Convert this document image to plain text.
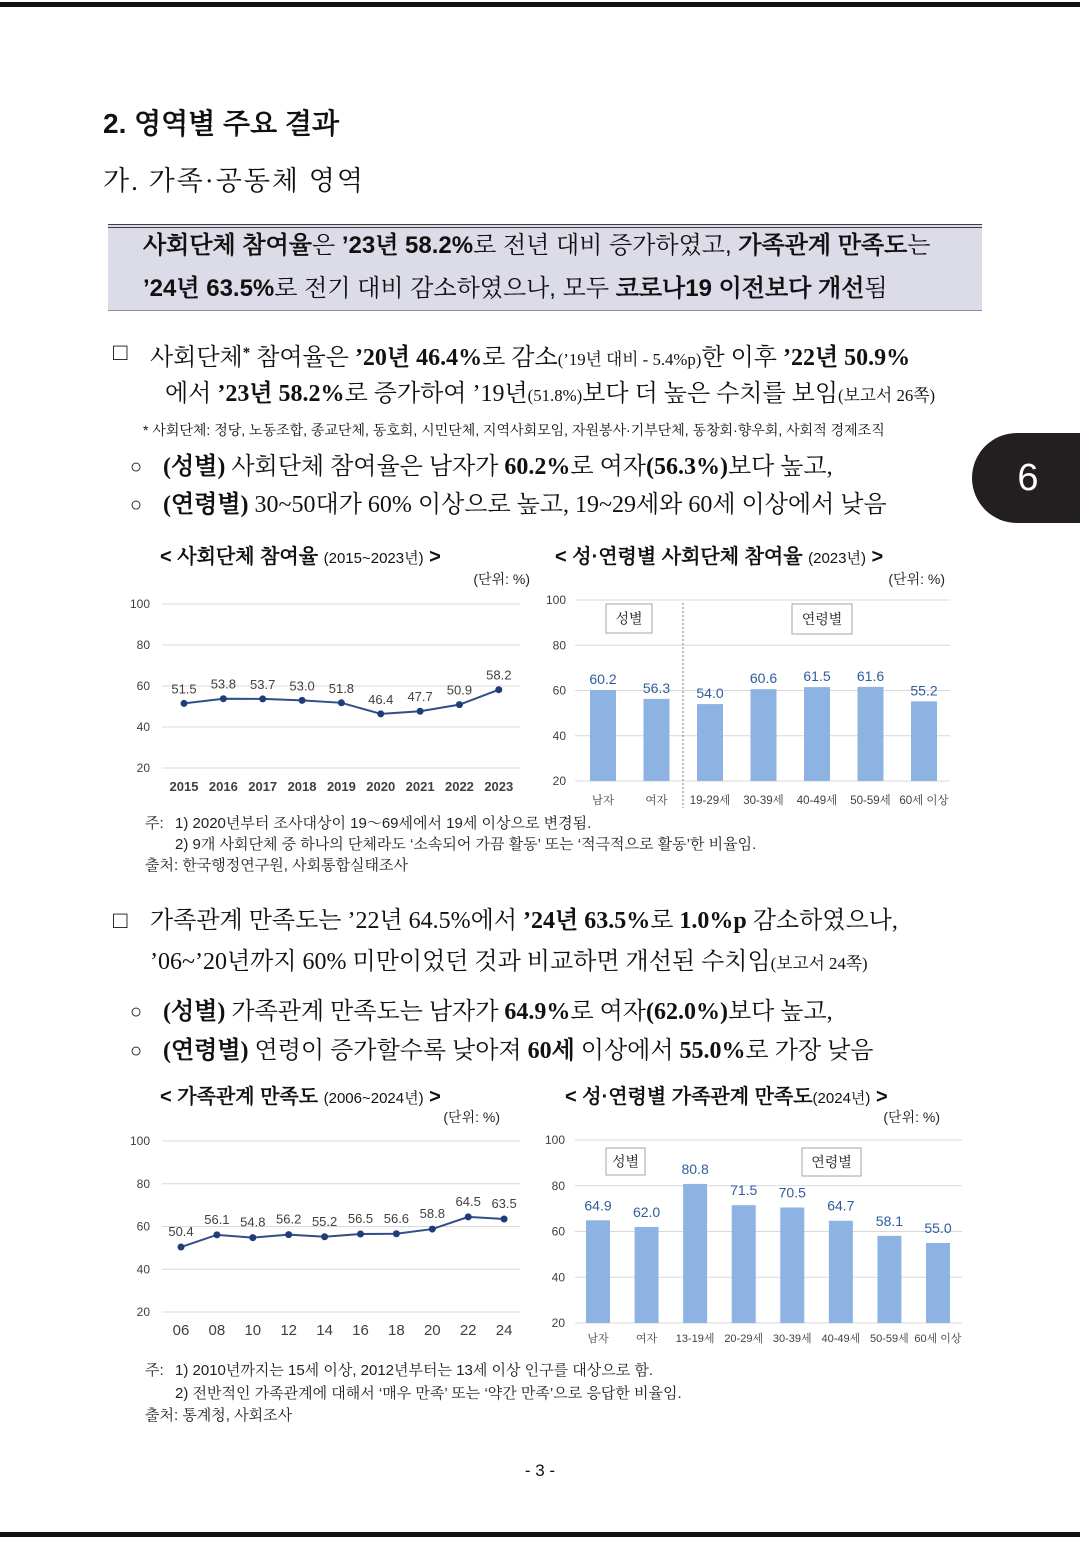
2. 영역별 주요 결과
가. 가족·공동체 영역
사회단체 참여율은 ’23년 58.2%로 전년 대비 증가하였고, 가족관계 만족도는
’24년 63.5%로 전기 대비 감소하였으나, 모두 코로나19 이전보다 개선됨
6
□ 사회단체* 참여율은 ’20년 46.4%로 감소(’19년 대비 - 5.4%p)한 이후 ’22년 50.9%
에서 ’23년 58.2%로 증가하여 ’19년(51.8%)보다 더 높은 수치를 보임(보고서 26쪽)
* 사회단체: 정당, 노동조합, 종교단체, 동호회, 시민단체, 지역사회모임, 자원봉사·기부단체, 동창회·향우회, 사회적 경제조직
○ (성별) 사회단체 참여율은 남자가 60.2%로 여자(56.3%)보다 높고,
○ (연령별) 30~50대가 60% 이상으로 높고, 19~29세와 60세 이상에서 낮음
< 사회단체 참여율 (2015~2023년) >
(단위: %)
100
80
60
40
20
51.5 53.8 53.7 53.0 51.8
46.4 47.7 50.9
58.2
2015 2016 2017 2018 2019 2020 2021 2022 2023
< 성·연령별 사회단체 참여율 (2023년) >
(단위: %)
100
80
60
40
20
성별	연령별
60.2
56.3 54.0
60.6 61.5 61.6
55.2
남자	여자 19-29세 30-39세 40-49세 50-59세 60세 이상
주: 1) 2020년부터 조사대상이 19～69세에서 19세 이상으로 변경됨.
2) 9개 사회단체 중 하나의 단체라도 ‘소속되어 가끔 활동’ 또는 ‘적극적으로 활동’한 비율임.
출처: 한국행정연구원, 사회통합실태조사
□ 가족관계 만족도는 ’22년 64.5%에서 ’24년 63.5%로 1.0%p 감소하였으나,
’06~’20년까지 60% 미만이었던 것과 비교하면 개선된 수치임(보고서 24쪽)
○ (성별) 가족관계 만족도는 남자가 64.9%로 여자(62.0%)보다 높고,
○ (연령별) 연령이 증가할수록 낮아져 60세 이상에서 55.0%로 가장 낮음
< 가족관계 만족도 (2006~2024년) >
(단위: %)
100
80
60
40
20
50.4
56.1 54.8 56.2 55.2 56.5 56.6 58.8
64.5 63.5
06 08 10 12 14 16 18 20 22 24
< 성·연령별 가족관계 만족도(2024년) >
(단위: %)
100
80
60
40
20
성별	연령별
64.9 62.0
80.8
71.5 70.5
64.7
58.1 55.0
남자 여자 13-19세 20-29세 30-39세 40-49세 50-59세 60세 이상
주: 1) 2010년까지는 15세 이상, 2012년부터는 13세 이상 인구를 대상으로 함.
2) 전반적인 가족관계에 대해서 ‘매우 만족’ 또는 ‘약간 만족’으로 응답한 비율임.
출처: 통계청, 사회조사
- 3 -
